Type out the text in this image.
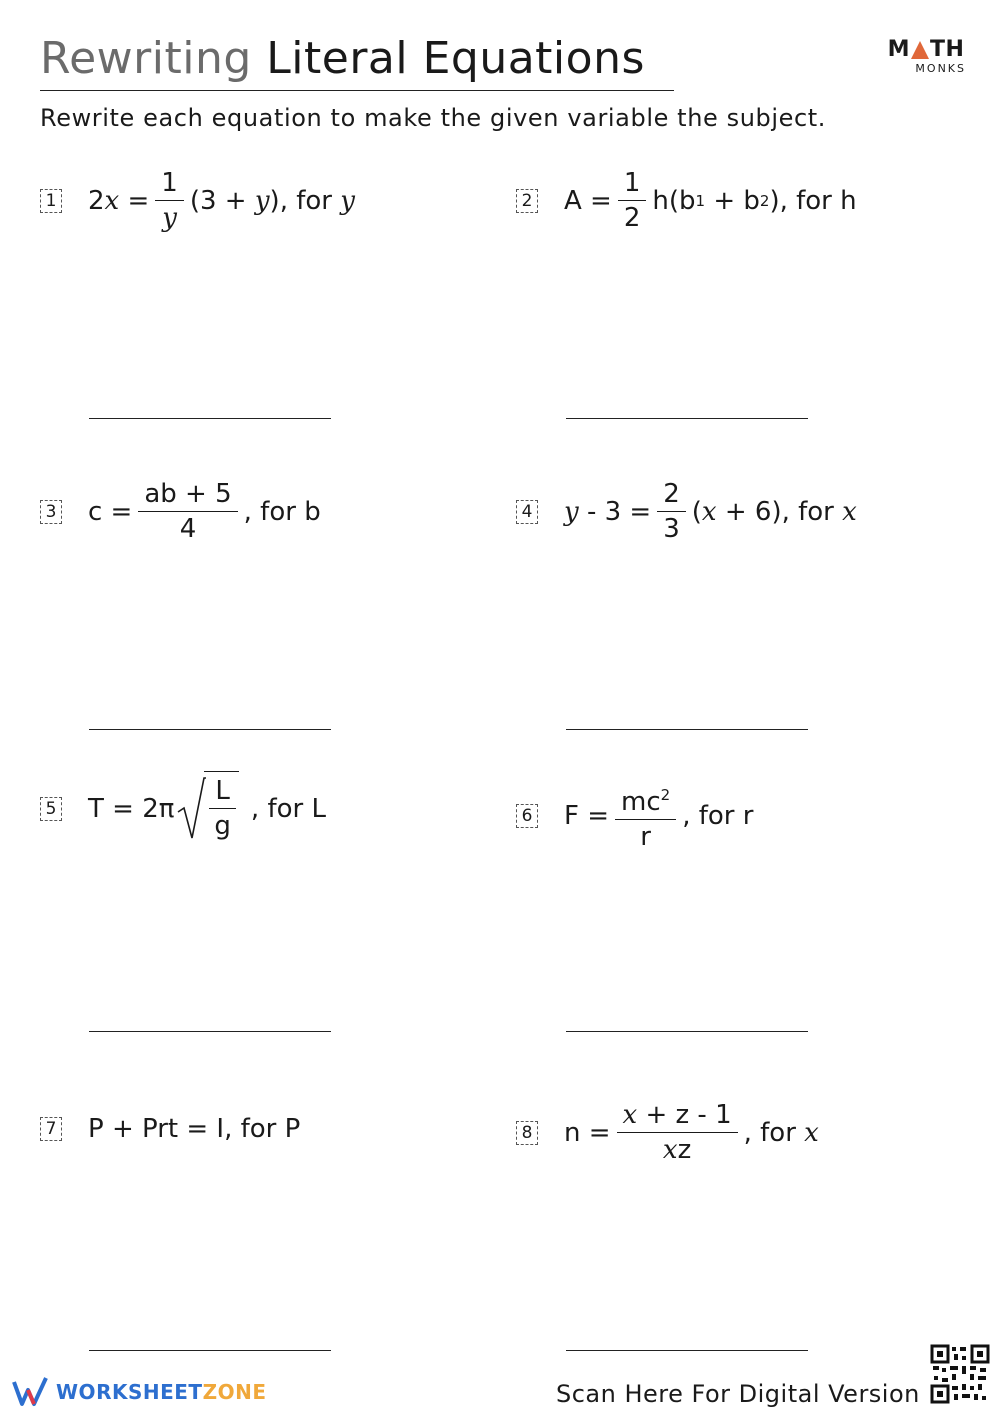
Rewriting Literal Equations	M TH
MONKS
Rewrite each equation to make the given variable the subject.
1 2 x
= $\frac{1}{y} (3$ +
y ),
for
y	2 $A = \frac{1}{2} h(b$ 1
+ b 2 ), for h
3 $c = \frac{ab + 5}{4}$ , for b	4 y
- $3 = \frac{2}{3}$ ( x
+ 6), for
x
5 $T = 2\pi \frac{L}{g}$ , for L	6 $F = \frac{mc^2}{r}$ , for r
7 P + Prt = I, for P	8 $n = \frac{x + z - 1}{xz}$ , for
x
WORKSHEET ZONE	Scan Here For Digital Version
